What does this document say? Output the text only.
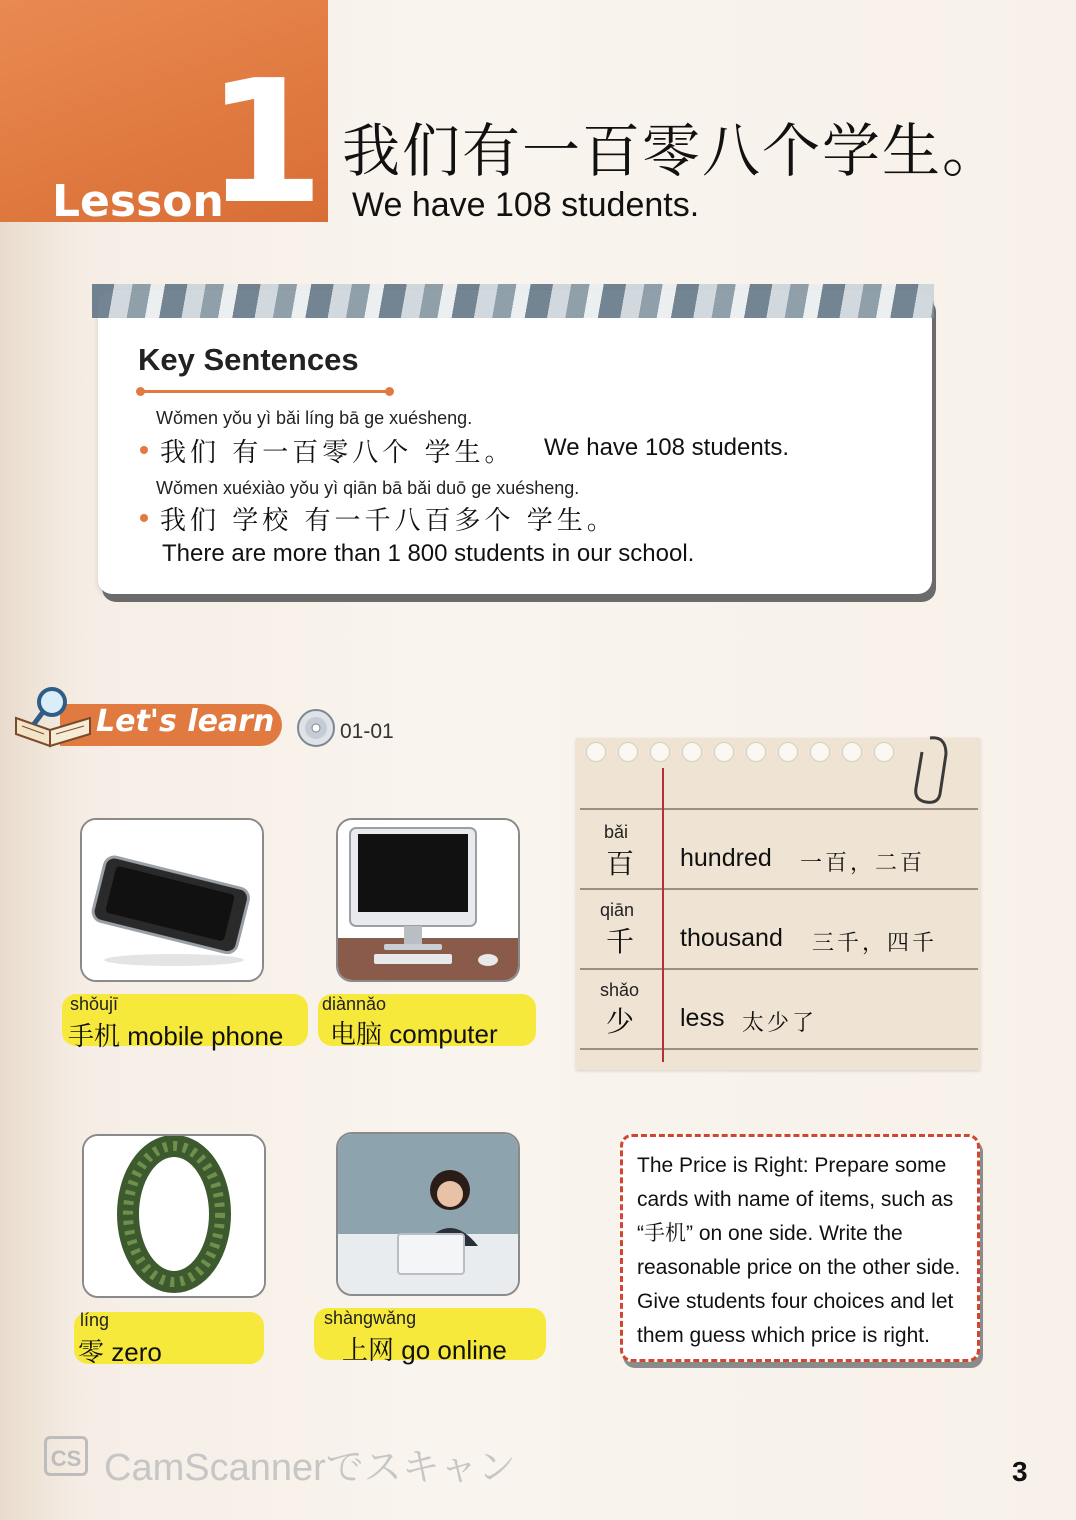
Lesson
1 我们有一百零八个学生。
We have 108 students.
Key Sentences
Wǒmen yǒu yì bǎi líng bā ge xuésheng.
我们 有一百零八个 学生。 We have 108 students.
Wǒmen xuéxiào yǒu yì qiān bā bǎi duō ge xuésheng.
我们 学校 有一千八百多个 学生。
There are more than 1 800 students in our school.
Let's learn	01-01
shǒujī
手机 mobile phone
diànnǎo
电脑 computer
líng
零 zero
shàngwǎng
上网 go online
bǎi
百 hundred 一百，二百
qiān
千 thousand 三千，四千
shǎo
少 less 太少了
The Price is Right: Prepare some cards with name of items, such as “手机” on one side. Write the reasonable price on the other side. Give students four choices and let them guess which price is right.
CS CamScannerでスキャン	3
